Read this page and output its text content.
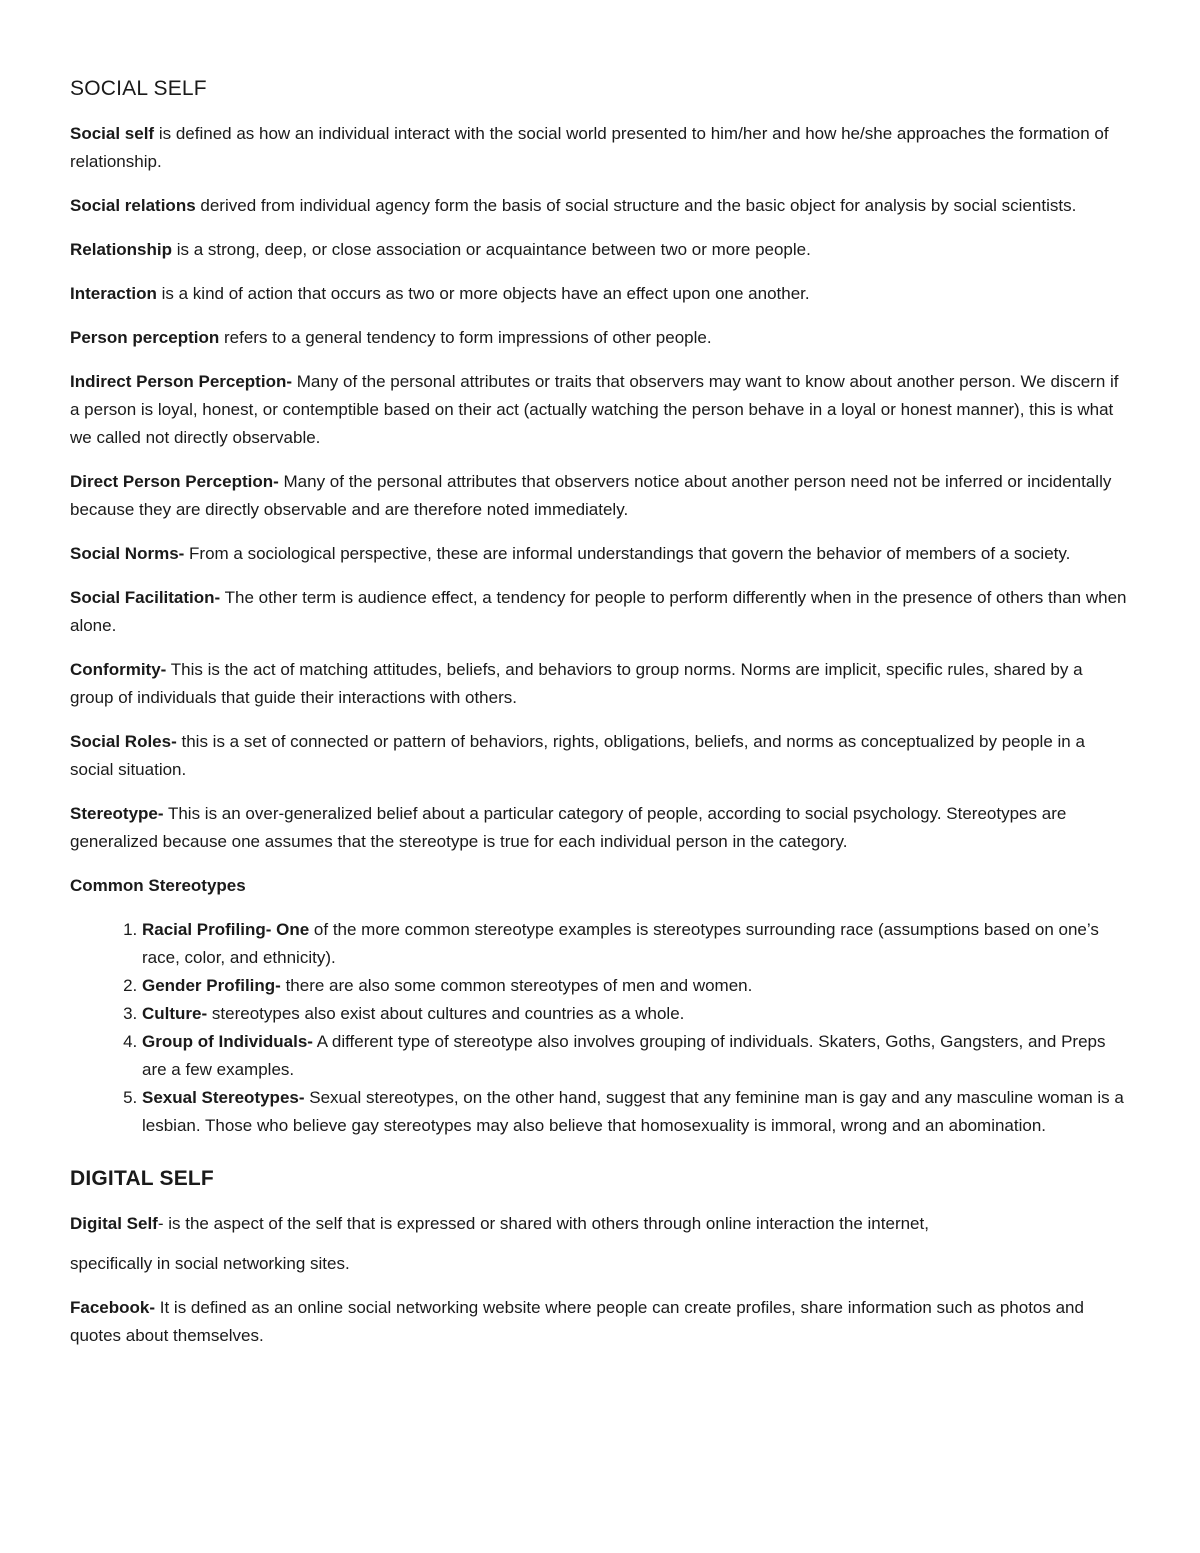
SOCIAL SELF

Social self is defined as how an individual interact with the social world presented to him/her and how he/she approaches the formation of relationship.

Social relations derived from individual agency form the basis of social structure and the basic object for analysis by social scientists.

Relationship is a strong, deep, or close association or acquaintance between two or more people.

Interaction is a kind of action that occurs as two or more objects have an effect upon one another.

Person perception refers to a general tendency to form impressions of other people.

Indirect Person Perception- Many of the personal attributes or traits that observers may want to know about another person. We discern if a person is loyal, honest, or contemptible based on their act (actually watching the person behave in a loyal or honest manner), this is what we called not directly observable.

Direct Person Perception- Many of the personal attributes that observers notice about another person need not be inferred or incidentally because they are directly observable and are therefore noted immediately.

Social Norms- From a sociological perspective, these are informal understandings that govern the behavior of members of a society.

Social Facilitation- The other term is audience effect, a tendency for people to perform differently when in the presence of others than when alone.

Conformity- This is the act of matching attitudes, beliefs, and behaviors to group norms. Norms are implicit, specific rules, shared by a group of individuals that guide their interactions with others.

Social Roles- this is a set of connected or pattern of behaviors, rights, obligations, beliefs, and norms as conceptualized by people in a social situation.

Stereotype- This is an over-generalized belief about a particular category of people, according to social psychology. Stereotypes are generalized because one assumes that the stereotype is true for each individual person in the category.

Common Stereotypes
1. Racial Profiling- One of the more common stereotype examples is stereotypes surrounding race (assumptions based on one’s race, color, and ethnicity).
2. Gender Profiling- there are also some common stereotypes of men and women.
3. Culture- stereotypes also exist about cultures and countries as a whole.
4. Group of Individuals- A different type of stereotype also involves grouping of individuals. Skaters, Goths, Gangsters, and Preps are a few examples.
5. Sexual Stereotypes- Sexual stereotypes, on the other hand, suggest that any feminine man is gay and any masculine woman is a lesbian. Those who believe gay stereotypes may also believe that homosexuality is immoral, wrong and an abomination.
DIGITAL SELF

Digital Self- is the aspect of the self that is expressed or shared with others through online interaction the internet,

specifically in social networking sites.

Facebook- It is defined as an online social networking website where people can create profiles, share information such as photos and quotes about themselves.
